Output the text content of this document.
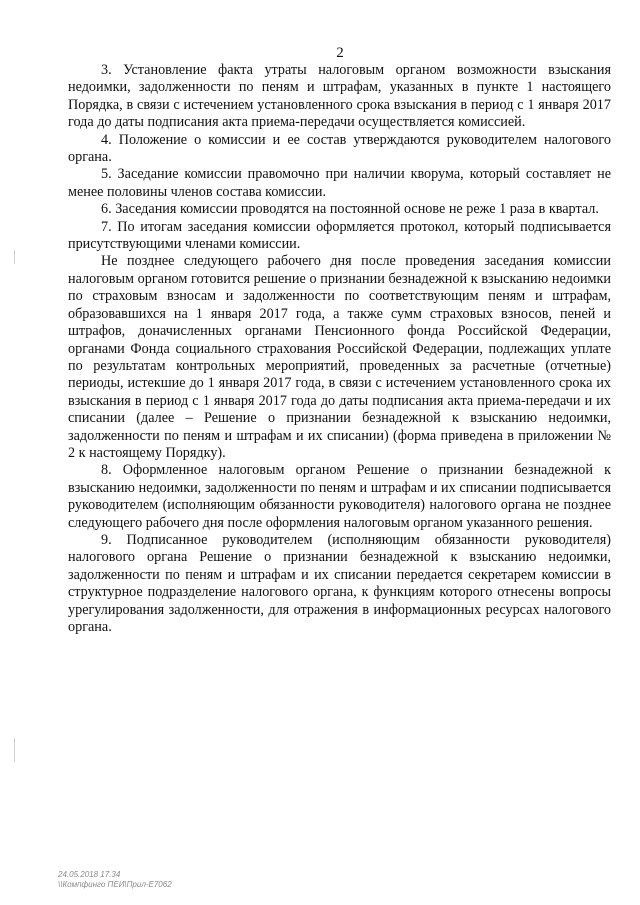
2

3. Установление факта утраты налоговым органом возможности взыскания недоимки, задолженности по пеням и штрафам, указанных в пункте 1 настоящего Порядка, в связи с истечением установленного срока взыскания в период с 1 января 2017 года до даты подписания акта приема-передачи осуществляется комиссией.

4. Положение о комиссии и ее состав утверждаются руководителем налогового органа.

5. Заседание комиссии правомочно при наличии кворума, который составляет не менее половины членов состава комиссии.

6. Заседания комиссии проводятся на постоянной основе не реже 1 раза в квартал.

7. По итогам заседания комиссии оформляется протокол, который подписывается присутствующими членами комиссии.

Не позднее следующего рабочего дня после проведения заседания комиссии налоговым органом готовится решение о признании безнадежной к взысканию недоимки по страховым взносам и задолженности по соответствующим пеням и штрафам, образовавшихся на 1 января 2017 года, а также сумм страховых взносов, пеней и штрафов, доначисленных органами Пенсионного фонда Российской Федерации, органами Фонда социального страхования Российской Федерации, подлежащих уплате по результатам контрольных мероприятий, проведенных за расчетные (отчетные) периоды, истекшие до 1 января 2017 года, в связи с истечением установленного срока их взыскания в период с 1 января 2017 года до даты подписания акта приема-передачи и их списании (далее – Решение о признании безнадежной к взысканию недоимки, задолженности по пеням и штрафам и их списании) (форма приведена в приложении № 2 к настоящему Порядку).

8. Оформленное налоговым органом Решение о признании безнадежной к взысканию недоимки, задолженности по пеням и штрафам и их списании подписывается руководителем (исполняющим обязанности руководителя) налогового органа не позднее следующего рабочего дня после оформления налоговым органом указанного решения.

9. Подписанное руководителем (исполняющим обязанности руководителя) налогового органа Решение о признании безнадежной к взысканию недоимки, задолженности по пеням и штрафам и их списании передается секретарем комиссии в структурное подразделение налогового органа, к функциям которого отнесены вопросы урегулирования задолженности, для отражения в информационных ресурсах налогового органа.

24.05.2018 17.34
\\Компфинго ПЕИ\Прил-Е7062
